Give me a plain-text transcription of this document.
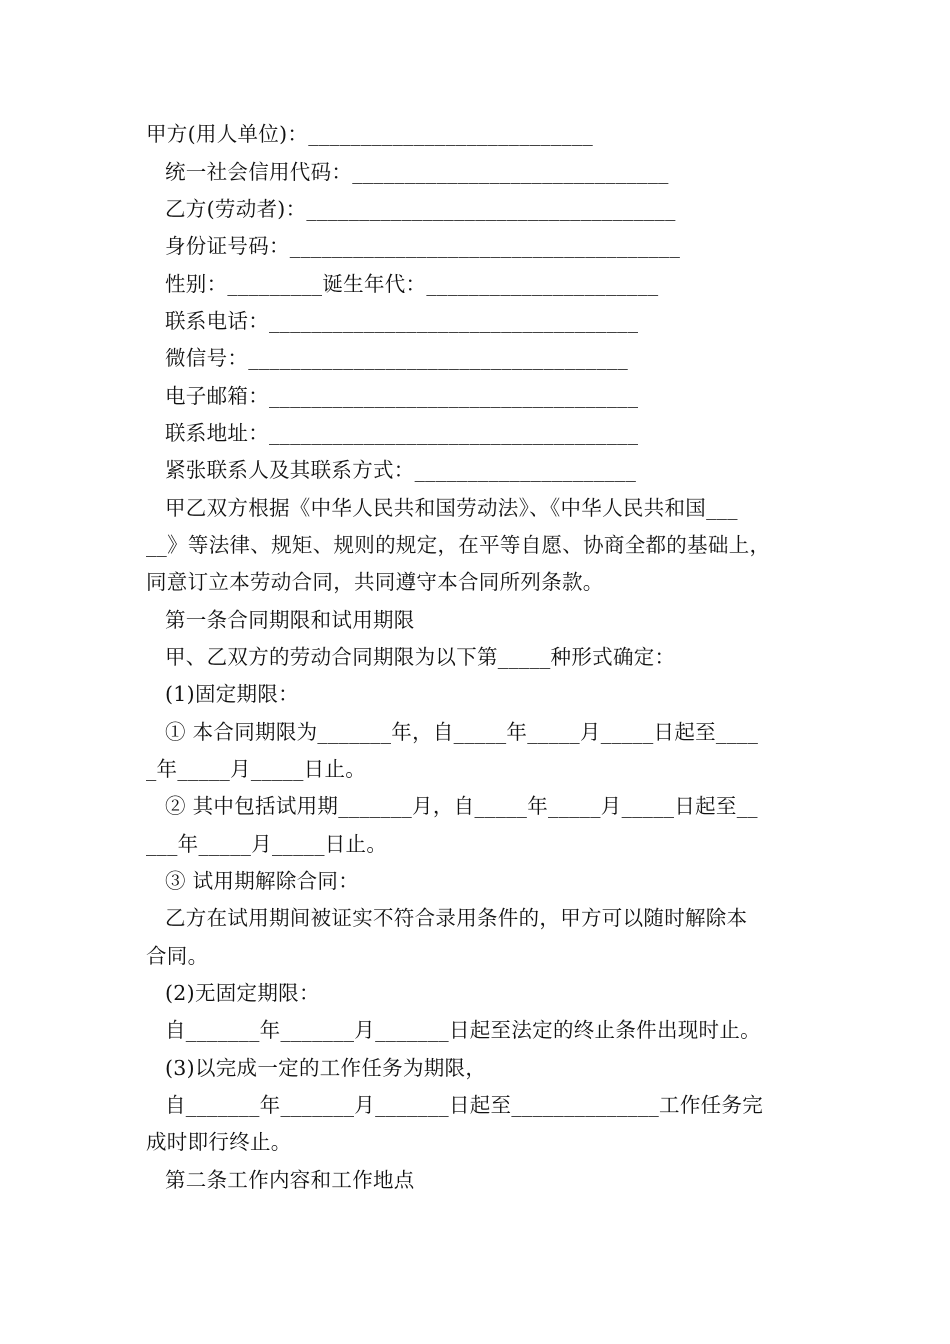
甲方(用人单位)：___________________________
统一社会信用代码：______________________________
乙方(劳动者)：___________________________________
身份证号码：_____________________________________
性别：_________诞生年代：______________________
联系电话：___________________________________
微信号：____________________________________
电子邮箱：___________________________________
联系地址：___________________________________
紧张联系人及其联系方式：_____________________
甲乙双方根据《中华人民共和国劳动法》、《中华人民共和国___
__》等法律、规矩、规则的规定，在平等自愿、协商全都的基础上，
同意订立本劳动合同，共同遵守本合同所列条款。
第一条合同期限和试用期限
甲、乙双方的劳动合同期限为以下第_____种形式确定：
(1)固定期限：
① 本合同期限为_______年，自_____年_____月_____日起至____
_年_____月_____日止。
② 其中包括试用期_______月，自_____年_____月_____日起至__
___年_____月_____日止。
③ 试用期解除合同：
乙方在试用期间被证实不符合录用条件的，甲方可以随时解除本
合同。
(2)无固定期限：
自_______年_______月_______日起至法定的终止条件出现时止。
(3)以完成一定的工作任务为期限，
自_______年_______月_______日起至______________工作任务完
成时即行终止。
第二条工作内容和工作地点
